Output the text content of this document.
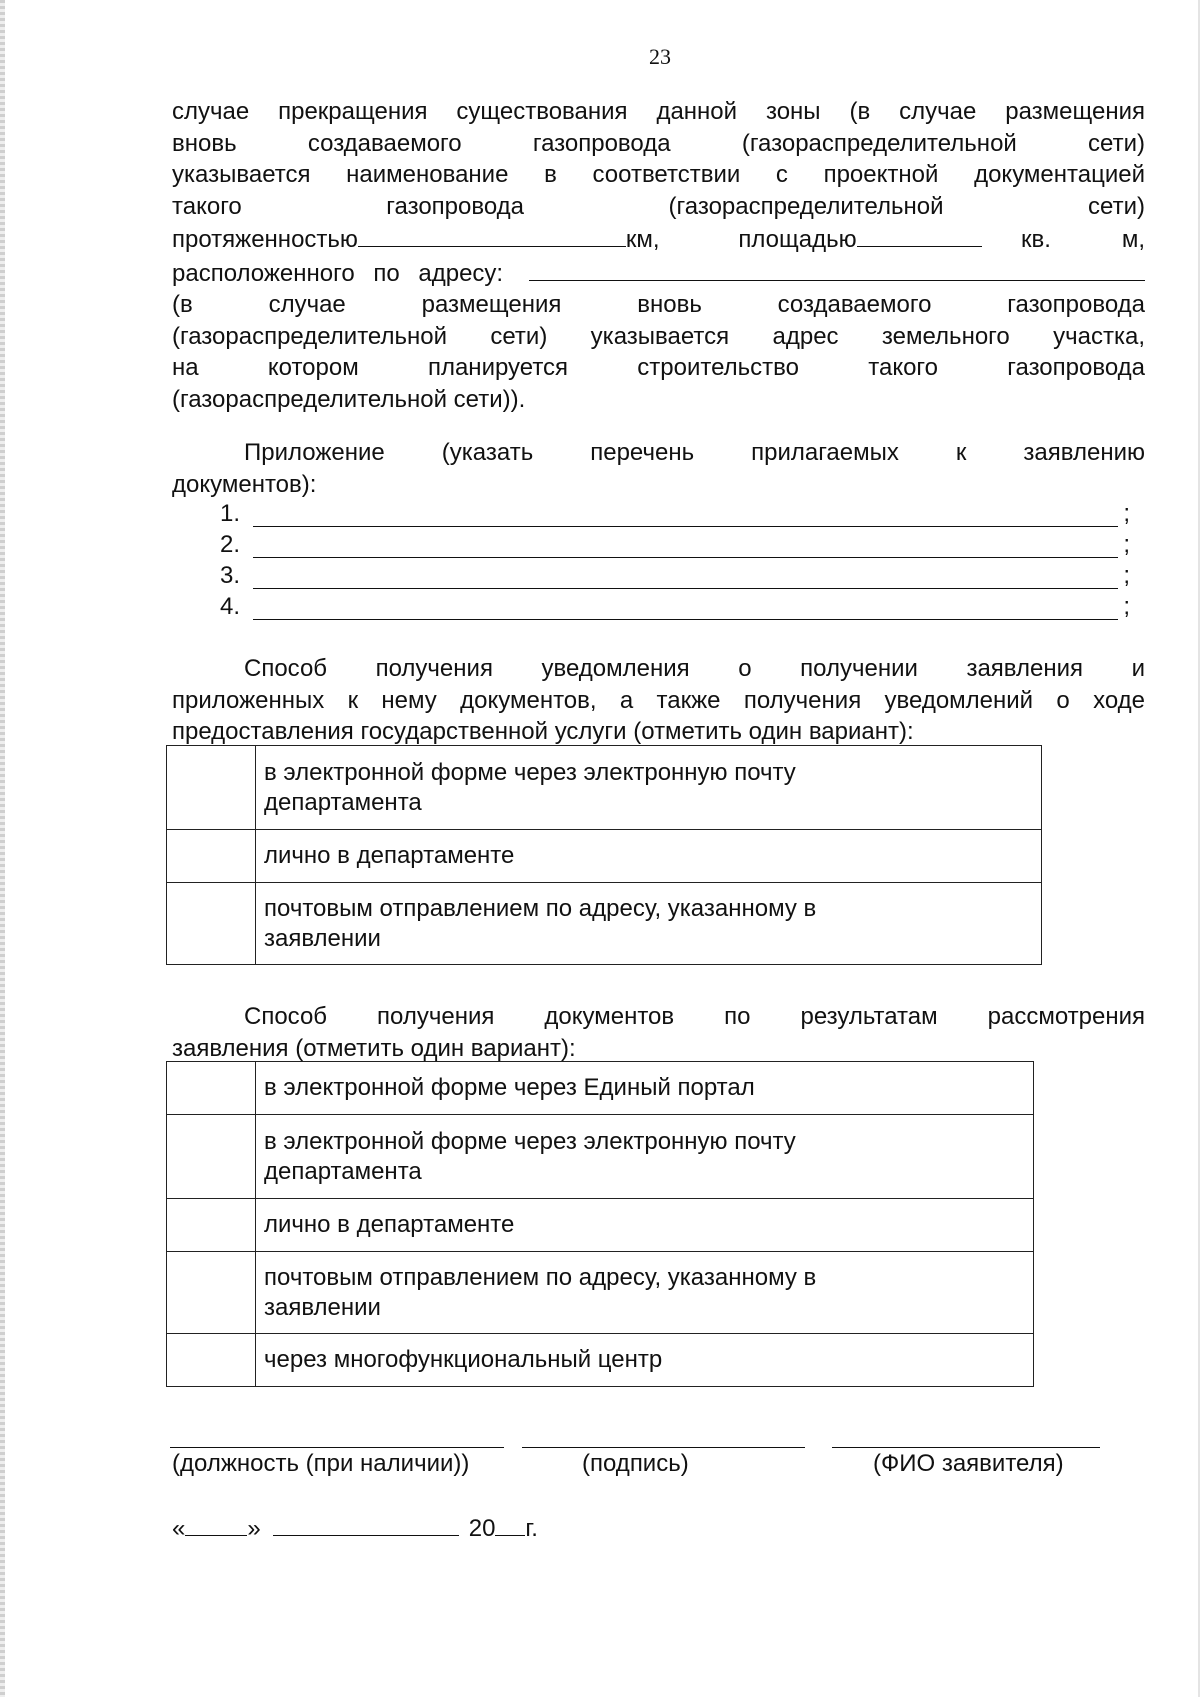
23
случае прекращения существования данной зоны (в случае размещения
вновь создаваемого газопровода (газораспределительной сети)
указывается наименование в соответствии с проектной документацией
такого газопровода (газораспределительной сети)
протяженностью	км,	площадью	кв.	м,
расположенного по адресу:
(в случае размещения вновь создаваемого газопровода
(газораспределительной сети) указывается адрес земельного участка,
на котором планируется строительство такого газопровода
(газораспределительной сети)).
Приложение (указать перечень прилагаемых к заявлению
документов):
1.	;
2.	;
3.	;
4.	;
Способ получения уведомления о получении заявления и
приложенных к нему документов, а также получения уведомлений о ходе
предоставления государственной услуги (отметить один вариант):

	в электронной форме через электронную почту
департамента

	лично в департаменте

	почтовым отправлением по адресу, указанному в
заявлении
Способ получения документов по результатам рассмотрения
заявления (отметить один вариант):

	в электронной форме через Единый портал

	в электронной форме через электронную почту
департамента

	лично в департаменте

	почтовым отправлением по адресу, указанному в
заявлении

	через многофункциональный центр
(должность (при наличии))	(подпись)	(ФИО заявителя)
«	»	20 г.
